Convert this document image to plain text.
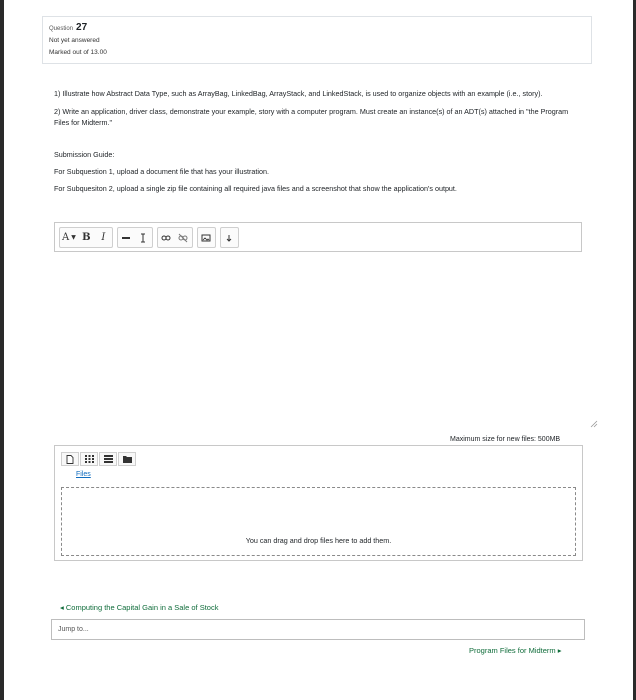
Question 27
Not yet answered
Marked out of 13.00

1) Illustrate how Abstract Data Type, such as ArrayBag, LinkedBag, ArrayStack, and LinkedStack, is used to organize objects with an example (i.e., story).

2) Write an application, driver class, demonstrate your example, story with a computer program. Must create an instance(s) of an ADT(s) attached in "the Program Files for Midterm."

Submission Guide:

For Subquestion 1, upload a document file that has your illustration.

For Subquesiton 2, upload a single zip file containing all required java files and a screenshot that show the application's output.

A ▼ B I
Maximum size for new files: 500MB
Files
You can drag and drop files here to add them.
◂ Computing the Capital Gain in a Sale of Stock
Jump to...
Program Files for Midterm ▸
